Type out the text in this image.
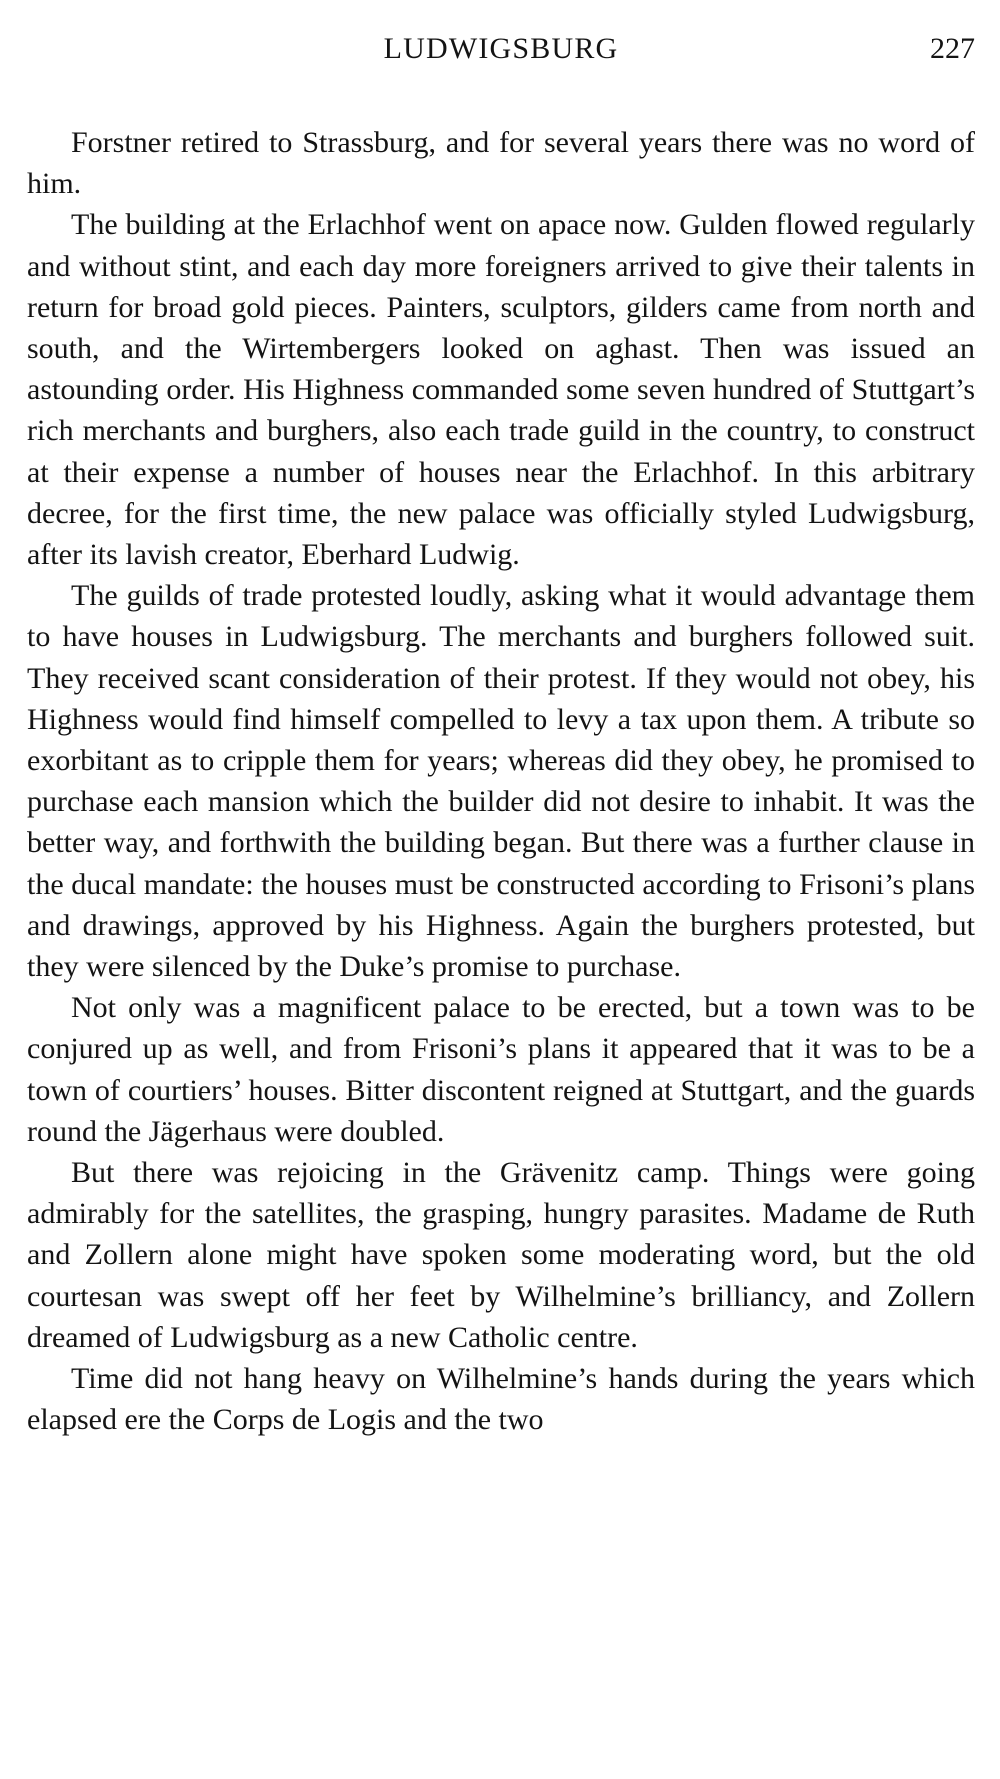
LUDWIGSBURG	227

Forstner retired to Strassburg, and for several years there was no word of him.

The building at the Erlachhof went on apace now. Gulden flowed regularly and without stint, and each day more foreigners arrived to give their talents in return for broad gold pieces. Painters, sculptors, gilders came from north and south, and the Wirtembergers looked on aghast. Then was issued an astounding order. His Highness commanded some seven hundred of Stuttgart’s rich merchants and burghers, also each trade guild in the country, to construct at their expense a number of houses near the Erlachhof. In this arbitrary decree, for the first time, the new palace was officially styled Ludwigsburg, after its lavish creator, Eberhard Ludwig.

The guilds of trade protested loudly, asking what it would advantage them to have houses in Ludwigsburg. The merchants and burghers followed suit. They received scant consideration of their protest. If they would not obey, his Highness would find himself compelled to levy a tax upon them. A tribute so exorbitant as to cripple them for years; whereas did they obey, he promised to purchase each mansion which the builder did not desire to inhabit. It was the better way, and forthwith the building began. But there was a further clause in the ducal mandate: the houses must be constructed according to Frisoni’s plans and drawings, approved by his Highness. Again the burghers protested, but they were silenced by the Duke’s promise to purchase.

Not only was a magnificent palace to be erected, but a town was to be conjured up as well, and from Frisoni’s plans it appeared that it was to be a town of courtiers’ houses. Bitter discontent reigned at Stuttgart, and the guards round the Jägerhaus were doubled.

But there was rejoicing in the Grävenitz camp. Things were going admirably for the satellites, the grasping, hungry parasites. Madame de Ruth and Zollern alone might have spoken some moderating word, but the old courtesan was swept off her feet by Wilhelmine’s brilliancy, and Zollern dreamed of Ludwigsburg as a new Catholic centre.

Time did not hang heavy on Wilhelmine’s hands during the years which elapsed ere the Corps de Logis and the two
